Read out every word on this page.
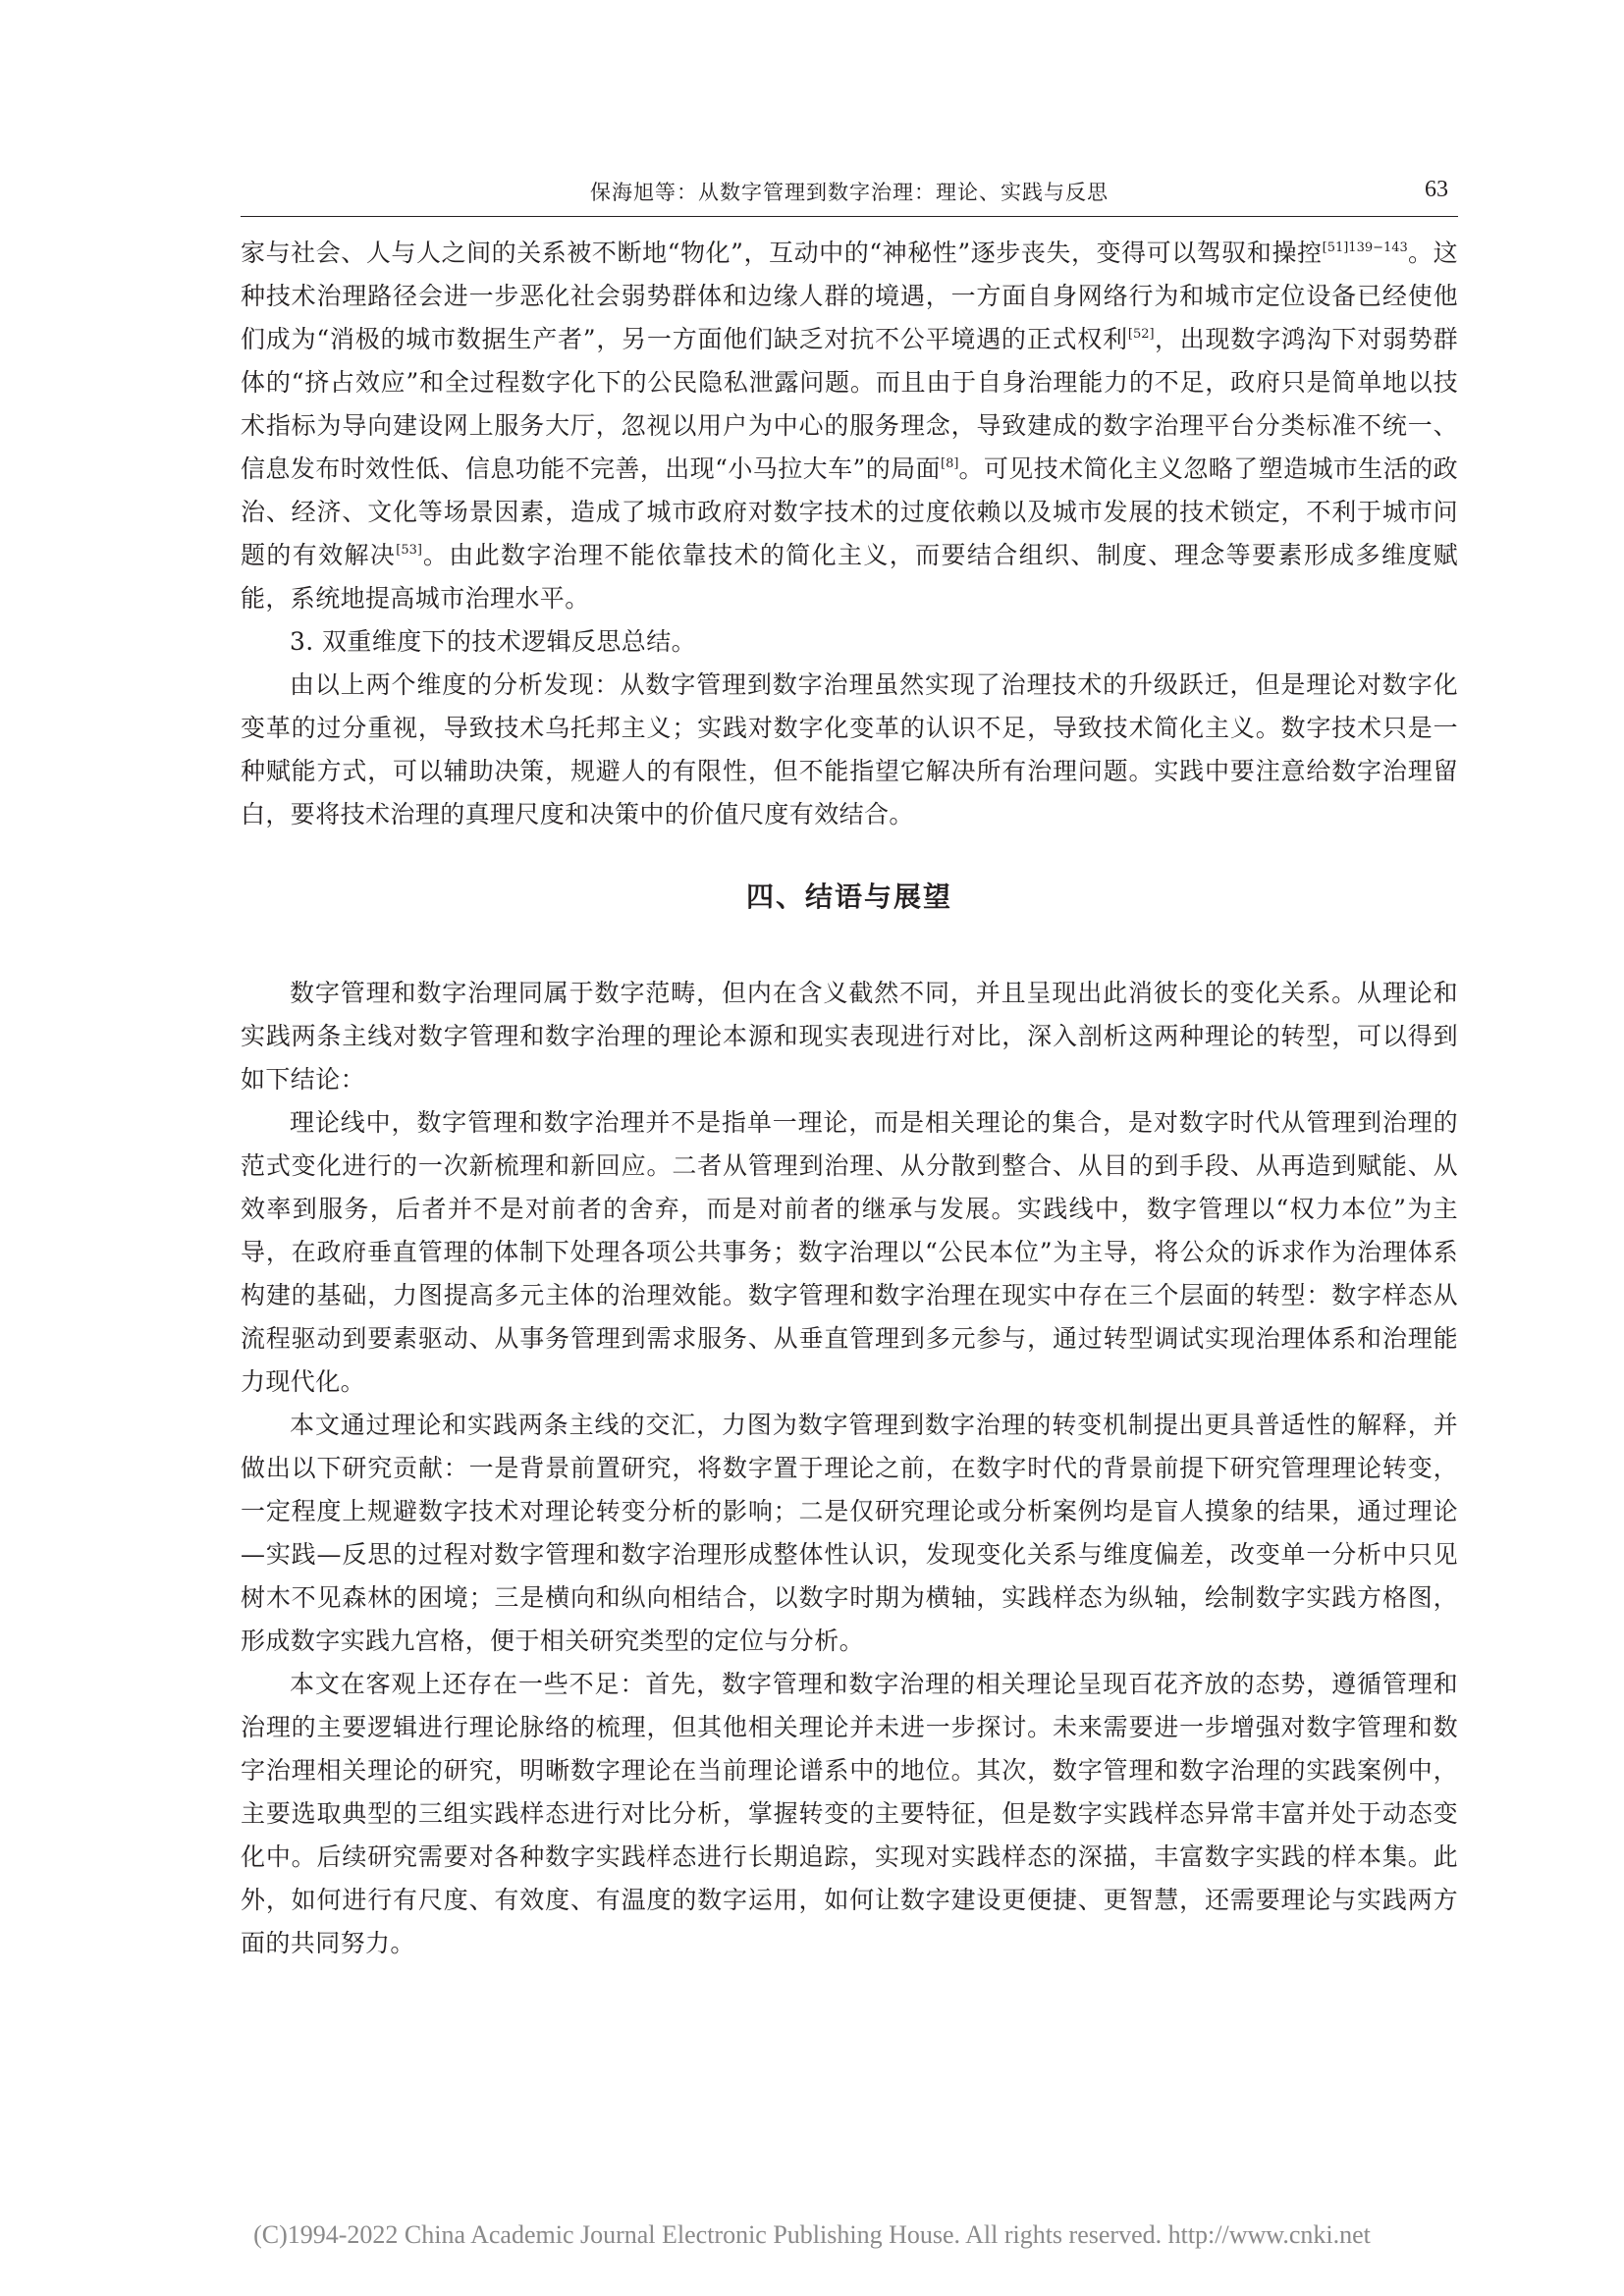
保海旭等：从数字管理到数字治理：理论、实践与反思	63

家与社会、人与人之间的关系被不断地“物化”，互动中的“神秘性”逐步丧失，变得可以驾驭和操控$^{[51]139-143}$。这种技术治理路径会进一步恶化社会弱势群体和边缘人群的境遇，一方面自身网络行为和城市定位设备已经使他们成为“消极的城市数据生产者”，另一方面他们缺乏对抗不公平境遇的正式权利[52]，出现数字鸿沟下对弱势群体的“挤占效应”和全过程数字化下的公民隐私泄露问题。而且由于自身治理能力的不足，政府只是简单地以技术指标为导向建设网上服务大厅，忽视以用户为中心的服务理念，导致建成的数字治理平台分类标准不统一、信息发布时效性低、信息功能不完善，出现“小马拉大车”的局面[8]。可见技术简化主义忽略了塑造城市生活的政治、经济、文化等场景因素，造成了城市政府对数字技术的过度依赖以及城市发展的技术锁定，不利于城市问题的有效解决[53]。由此数字治理不能依靠技术的简化主义，而要结合组织、制度、理念等要素形成多维度赋能，系统地提高城市治理水平。

3. 双重维度下的技术逻辑反思总结。

由以上两个维度的分析发现：从数字管理到数字治理虽然实现了治理技术的升级跃迁，但是理论对数字化变革的过分重视，导致技术乌托邦主义；实践对数字化变革的认识不足，导致技术简化主义。数字技术只是一种赋能方式，可以辅助决策，规避人的有限性，但不能指望它解决所有治理问题。实践中要注意给数字治理留白，要将技术治理的真理尺度和决策中的价值尺度有效结合。

四、结语与展望

数字管理和数字治理同属于数字范畴，但内在含义截然不同，并且呈现出此消彼长的变化关系。从理论和实践两条主线对数字管理和数字治理的理论本源和现实表现进行对比，深入剖析这两种理论的转型，可以得到如下结论：

理论线中，数字管理和数字治理并不是指单一理论，而是相关理论的集合，是对数字时代从管理到治理的范式变化进行的一次新梳理和新回应。二者从管理到治理、从分散到整合、从目的到手段、从再造到赋能、从效率到服务，后者并不是对前者的舍弃，而是对前者的继承与发展。实践线中，数字管理以“权力本位”为主导，在政府垂直管理的体制下处理各项公共事务；数字治理以“公民本位”为主导，将公众的诉求作为治理体系构建的基础，力图提高多元主体的治理效能。数字管理和数字治理在现实中存在三个层面的转型：数字样态从流程驱动到要素驱动、从事务管理到需求服务、从垂直管理到多元参与，通过转型调试实现治理体系和治理能力现代化。

本文通过理论和实践两条主线的交汇，力图为数字管理到数字治理的转变机制提出更具普适性的解释，并做出以下研究贡献：一是背景前置研究，将数字置于理论之前，在数字时代的背景前提下研究管理理论转变，一定程度上规避数字技术对理论转变分析的影响；二是仅研究理论或分析案例均是盲人摸象的结果，通过理论—实践—反思的过程对数字管理和数字治理形成整体性认识，发现变化关系与维度偏差，改变单一分析中只见树木不见森林的困境；三是横向和纵向相结合，以数字时期为横轴，实践样态为纵轴，绘制数字实践方格图，形成数字实践九宫格，便于相关研究类型的定位与分析。

本文在客观上还存在一些不足：首先，数字管理和数字治理的相关理论呈现百花齐放的态势，遵循管理和治理的主要逻辑进行理论脉络的梳理，但其他相关理论并未进一步探讨。未来需要进一步增强对数字管理和数字治理相关理论的研究，明晰数字理论在当前理论谱系中的地位。其次，数字管理和数字治理的实践案例中，主要选取典型的三组实践样态进行对比分析，掌握转变的主要特征，但是数字实践样态异常丰富并处于动态变化中。后续研究需要对各种数字实践样态进行长期追踪，实现对实践样态的深描，丰富数字实践的样本集。此外，如何进行有尺度、有效度、有温度的数字运用，如何让数字建设更便捷、更智慧，还需要理论与实践两方面的共同努力。

(C)1994-2022 China Academic Journal Electronic Publishing House. All rights reserved. http://www.cnki.net
